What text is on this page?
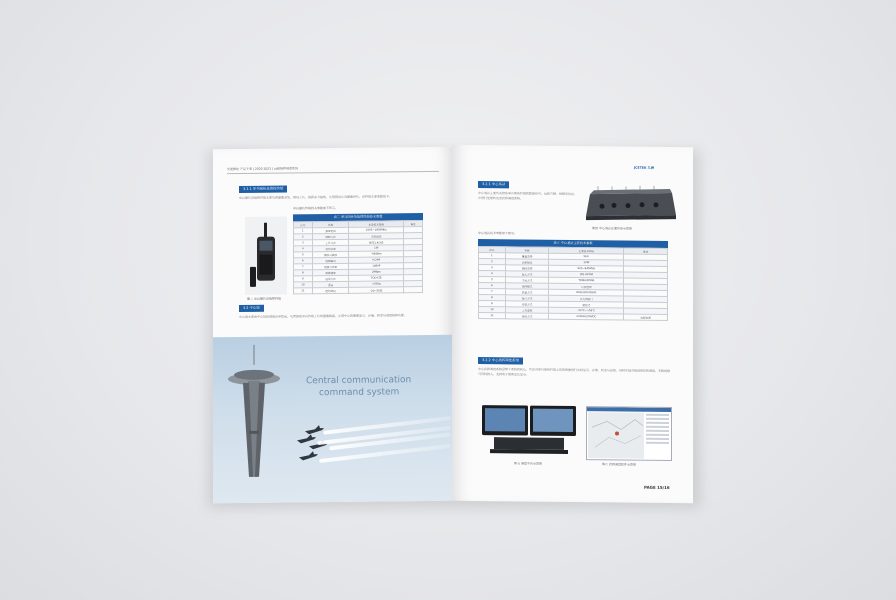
光通播控 产品手册 | 2020 2021 | 远程指挥调度系统
3.1.1 单兵图传及指挥终端
单兵图传及指挥终端主要负责图像采集、现场上传、指挥命令接收，实现现场实况图像回传。该终端主要参数如下。
单兵图传终端技术参数如下所示。
图三 单兵图传及指挥终端
表二 单兵图传及指挥终端技术参数
序号	名称	主要技术指标	备注
1	频率范围	1605~1805MHz	
2	调制方式	双向通信	
3	工作方式	频宽1.4/3/5	
4	发射功率	1W	
5	接收灵敏度	-95dBm	
6	视频编码	H.264	
7	视频分辨率	1080P	
8	数据速率	2Mbps	
9	通信方式	TDD-LTE	
10	重量	<500g	
11	使用环境	-20~55度	
3.2 中心端
中心端主要由中心站和调度台等组成，负责接收单兵终端上传的图像数据，实现中心的图像显示、存储、转发与调度指挥功能。
Central communication
command system
JCETEK 九洲
3.2.1 中心基站
中心基站主要负责接收单兵图传终端的数据信号，包括音频、视频等信息，并进行处理转发至指挥调度系统。
图四 中心基站正面外形示意图
中心基站技术参数如下所示。
表三 中心基站主要技术参数
序号	名称	主要技术指标	备注
1	覆盖范围	5km	
2	功率输出	10W	
3	频段范围	605~845MHz	
4	接入方式	LTE-OFDM	
5	多址方式	TDMA/FDMA	
6	组网模式	星状组网	
7	信道方式	800/1200/2600	
8	接口方式	以太网接口	
9	安装方式	壁挂式	
10	工作温度	-20℃~+55℃	
11	供电方式	220VAC/24VDC	标配电源
3.2.2 中心指挥调度系统
中心指挥调度系统是整个系统的核心，负责对单兵图传终端上传的图像进行实时显示、存储、转发与回放，同时实现对现场的指挥调度，多路视频可同时接入，支持电子地图定位显示。
图五 调度平台示意图	图六 指挥调度软件示意图
PAGE 15/16
